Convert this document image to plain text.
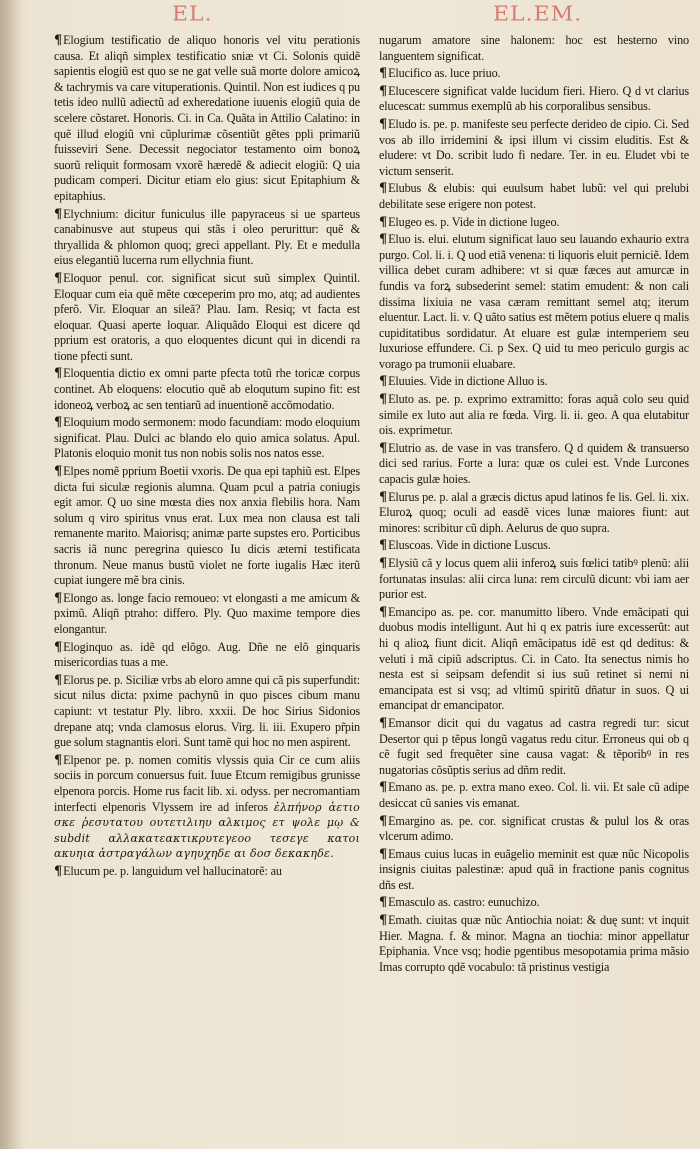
EL.	EL.EM.

¶Elogium testificatio de aliquo honoris vel vitu perationis causa. Et aliqñ simplex testificatio sniæ vt Ci. Solonis quidẽ sapientis elogiũ est quo se ne gat velle suã morte dolore amicoꝝ & tachrymis va care vituperationis. Quintil. Non est iudices q pu tetis ideo nullũ adiectũ ad exheredatione iuuenis elogiũ quia de scelere cõstaret. Honoris. Ci. in Ca. Quãta in Attilio Calatino: in quẽ illud elogiũ vni cũplurimæ cõsentiũt gẽtes ppli primariũ fuisseviri Sene. Decessit negociator testamento oim bonoꝝ suorũ reliquit formosam vxorẽ hæredẽ & adiecit elogiũ: Q uia pudicam comperi. Dicitur etiam elo gius: sicut Epitaphium & epitaphius.

¶Elychnium: dicitur funiculus ille papyraceus si ue sparteus canabinusve aut stupeus qui stãs i oleo perurittur: quẽ & thryallida & phlomon quoq; greci appellant. Ply. Et e medulla eius elegantiũ lucerna rum ellychnia fiunt.

¶Eloquor penul. cor. significat sicut suũ simplex Quintil. Eloquar cum eia quẽ mẽte cœceperim pro mo, atq; ad audientes pferõ. Vir. Eloquar an sileã? Plau. Iam. Resiq; vt facta est eloquar. Quasi aperte loquar. Aliquãdo Eloqui est dicere qd pprium est oratoris, a quo eloquentes dicunt qui in dicendi ra tione pfecti sunt.

¶Eloquentia dictio ex omni parte pfecta totũ rhe toricæ corpus continet. Ab eloquens: elocutio quẽ ab eloqutum supino fit: est idoneoꝝ verboꝝ ac sen tentiarũ ad inuentionẽ accõmodatio.

¶Eloquium modo sermonem: modo facundiam: modo eloquium significat. Plau. Dulci ac blando elo quio amica solatus. Apul. Platonis eloquio monit tus non nobis solis nos natos esse.

¶Elpes nomẽ pprium Boetii vxoris. De qua epi taphiũ est. Elpes dicta fui siculæ regionis alumna. Quam pcul a patria coniugis egit amor. Q uo sine mœsta dies nox anxia flebilis hora. Nam solum q viro spiritus vnus erat. Lux mea non clausa est tali remanente marito. Maiorisq; animæ parte supstes ero. Porticibus sacris iã nunc peregrina quiesco Iu dicis æterni testificata thronum. Neue manus bustũ violet ne forte iugalis Hæc iterũ cupiat iungere mẽ bra cinis.

¶Elongo as. longe facio remoueo: vt elongasti a me amicum & pximũ. Aliqñ ptraho: differo. Ply. Quo maxime tempore dies elongantur.

¶Eloginquo as. idẽ qd elõgo. Aug. Dñe ne elõ ginquaris misericordias tuas a me.

¶Elorus pe. p. Siciliæ vrbs ab eloro amne qui cã pis superfundit: sicut nilus dicta: pxime pachynũ in quo pisces cibum manu capiunt: vt testatur Ply. libro. xxxii. De hoc Sirius Sidonios drepane atq; vnda clamosus elorus. Virg. li. iii. Exupero pr̃pin gue solum stagnantis elori. Sunt tamẽ qui hoc no men aspirent.

¶Elpenor pe. p. nomen comitis vlyssis quia Cir ce cum aliis sociis in porcum conuersus fuit. Iuue Etcum remigibus grunisse elpenora porcis. Home rus facit lib. xi. odyss. per necromantiam interfecti elpenoris Vlyssem ire ad inferos ἐλπήνορ ἀετιο σκε ῥεσυτατου ουτετιλιηυ αλκιμος ετ ψολε μῳ & subdit αλλακατεακτικρυτεγεοο τεσεγε κατοι ακυηια ἀστραγάλων αγηυχηδε αι δοσ δεκακηδε.

¶Elucum pe. p. languidum vel hallucinatorẽ: au

nugarum amatore sine halonem: hoc est hesterno vino languentem significat.

¶Elucifico as. luce priuo.

¶Elucescere significat valde lucidum fieri. Hiero. Q d vt clarius elucescat: summus exemplũ ab his corporalibus sensibus.

¶Eludo is. pe. p. manifeste seu perfecte derideo de cipio. Ci. Sed vos ab illo irridemini & ipsi illum vi cissim eluditis. Est & eludere: vt Do. scribit ludo fi nedare. Ter. in eu. Eludet vbi te victum senserit.

¶Elubus & elubis: qui euulsum habet lubũ: vel qui prelubi debilitate sese erigere non potest.

¶Elugeo es. p. Vide in dictione lugeo.

¶Eluo is. elui. elutum significat lauo seu lauando exhaurio extra purgo. Col. li. i. Q uod etiã venena: ti liquoris eluit perniciẽ. Idem villica debet curam adhibere: vt si quæ fæces aut amurcæ in fundis va forꝝ subsederint semel: statim emudent: & non cali dissima lixiuia ne vasa cæram remittant semel atq; iterum eluentur. Lact. li. v. Q uãto satius est mẽtem potius eluere q malis cupiditatibus sordidatur. At eluare est gulæ intemperiem seu luxuriose effundere. Ci. p Sex. Q uid tu meo periculo gurgis ac vorago pa trumonii eluabare.

¶Eluuies. Vide in dictione Alluo is.

¶Eluto as. pe. p. exprimo extramitto: foras aquã colo seu quid simile ex luto aut alia re fœda. Virg. li. ii. geo. A qua elutabitur ois. exprimetur.

¶Elutrio as. de vase in vas transfero. Q d quidem & transuerso dici sed rarius. Forte a lura: quæ os culei est. Vnde Lurcones capacis gulæ hoies.

¶Elurus pe. p. alal a græcis dictus apud latinos fe lis. Gel. li. xix. Eluroꝝ quoq; oculi ad easdẽ vices lunæ maiores fiunt: aut minores: scribitur cũ diph. Aelurus de quo supra.

¶Eluscoas. Vide in dictione Luscus.

¶Elysiũ cã y locus quem alii inferoꝝ suis fœlici tatibꝰ plenũ: alii fortunatas insulas: alii circa luna: rem circulũ dicunt: vbi iam aer purior est.

¶Emancipo as. pe. cor. manumitto libero. Vnde emãcipati qui duobus modis intelligunt. Aut hi q ex patris iure excesserũt: aut hi q alioꝝ fiunt dicit. Aliqñ emãcipatus idẽ est qd deditus: & veluti i mã cipiũ adscriptus. Ci. in Cato. Ita senectus nimis ho nesta est si seipsam defendit si ius suũ retinet si nemi ni emancipata est si vsq; ad vltimũ spiritũ dñatur in suos. Q ui emancipat dr emancipator.

¶Emansor dicit qui du vagatus ad castra regredi tur: sicut Desertor qui p tẽpus longũ vagatus redu citur. Erroneus qui ob q cẽ fugit sed frequẽter sine causa vagat: & tẽporibꝰ in res nugatorias cõsũptis serius ad dñm redit.

¶Emano as. pe. p. extra mano exeo. Col. li. vii. Et sale cũ adipe desiccat cũ sanies vis emanat.

¶Emargino as. pe. cor. significat crustas & pulul los & oras vlcerum adimo.

¶Emaus cuius lucas in euãgelio meminit est quæ nũc Nicopolis insignis ciuitas palestinæ: apud quã in fractione panis cognitus dñs est.

¶Emasculo as. castro: eunuchizo.

¶Emath. ciuitas quæ nũc Antiochia noiat: & duę sunt: vt inquit Hier. Magna. f. & minor. Magna an tiochia: minor appellatur Epiphania. Vnce vsq; hodie pgentibus mesopotamia prima mãsio Imas corrupto qdẽ vocabulo: tã pristinus vestigia
